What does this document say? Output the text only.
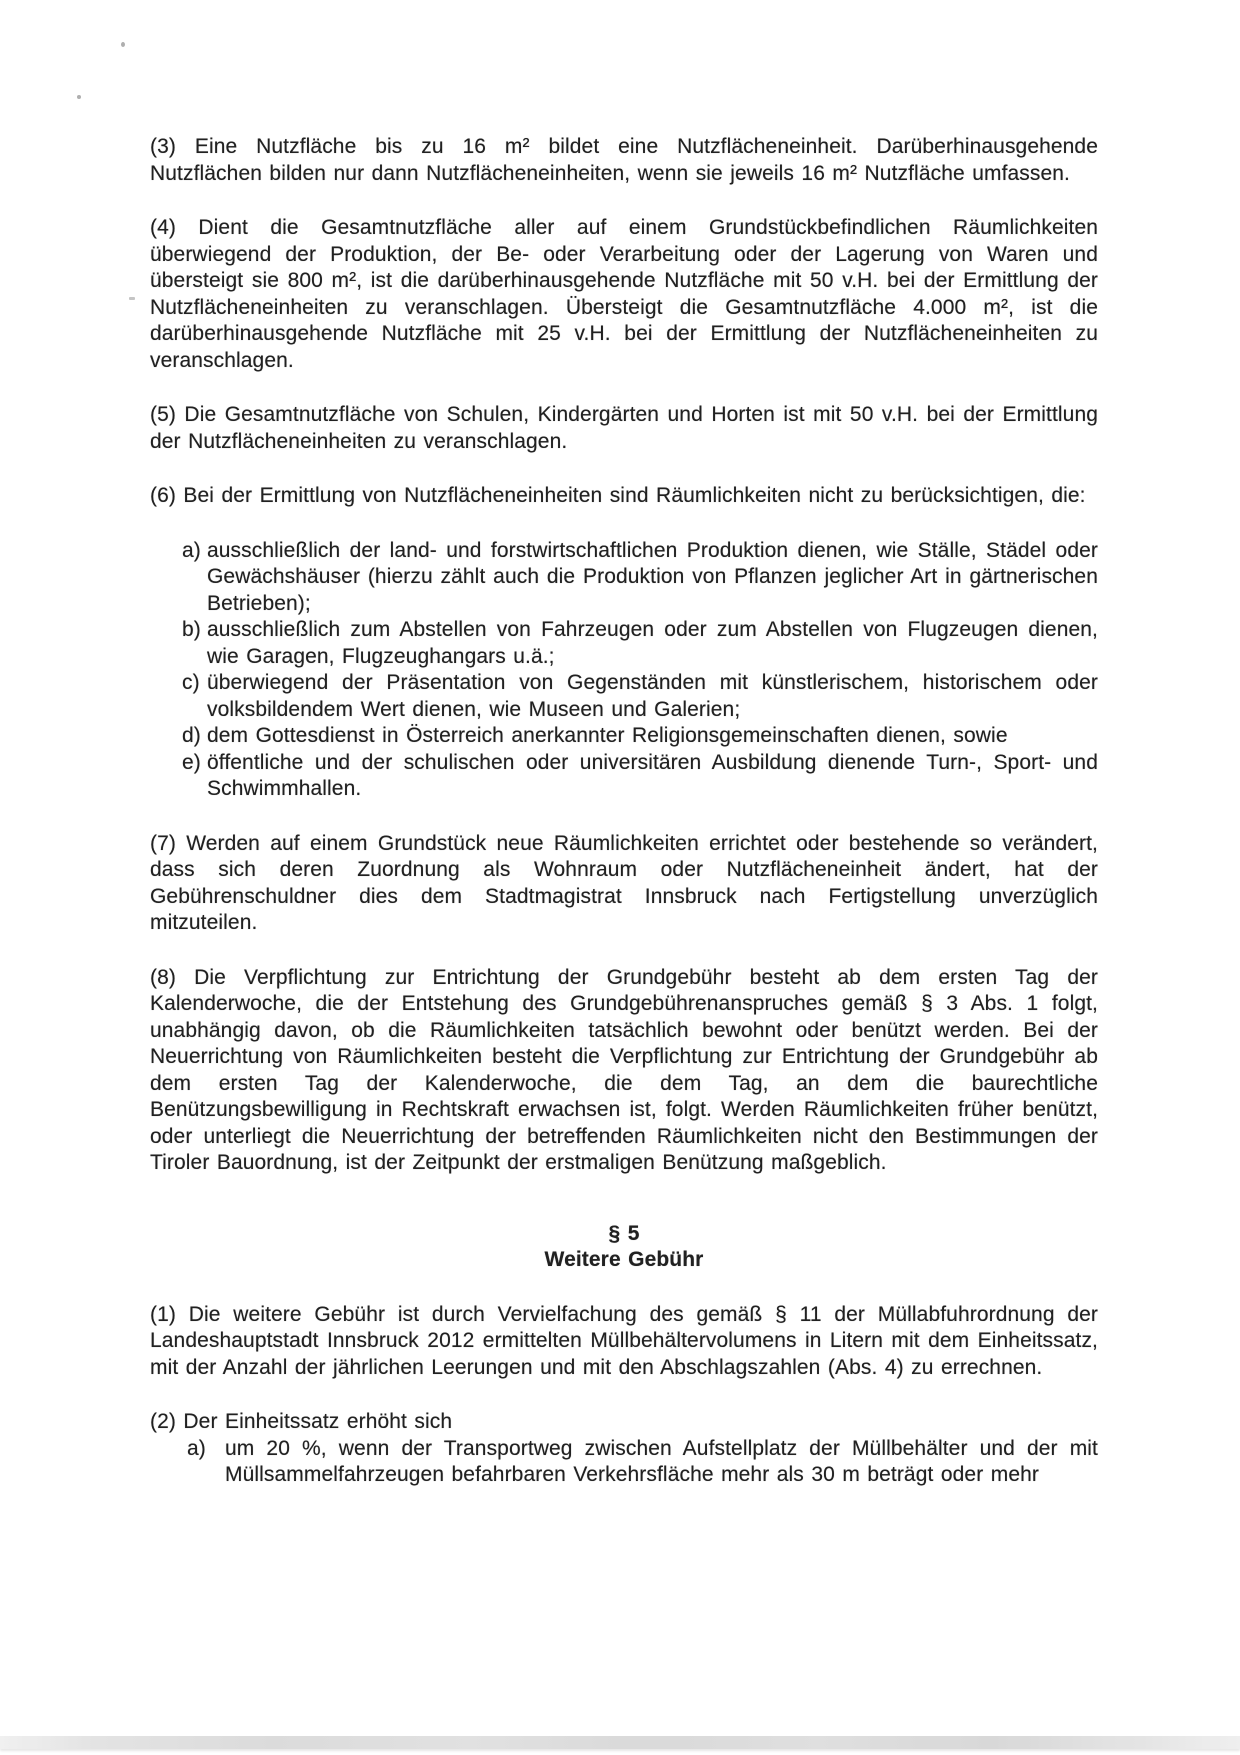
(3) Eine Nutzfläche bis zu 16 m² bildet eine Nutzflächeneinheit. Darüberhinausgehende Nutzflächen bilden nur dann Nutzflächeneinheiten, wenn sie jeweils 16 m² Nutzfläche umfassen.

(4) Dient die Gesamtnutzfläche aller auf einem Grundstückbefindlichen Räumlichkeiten überwiegend der Produktion, der Be- oder Verarbeitung oder der Lagerung von Waren und übersteigt sie 800 m², ist die darüberhinausgehende Nutzfläche mit 50 v.H. bei der Ermittlung der Nutzflächeneinheiten zu veranschlagen. Übersteigt die Gesamtnutzfläche 4.000 m², ist die darüberhinausgehende Nutzfläche mit 25 v.H. bei der Ermittlung der Nutzflächeneinheiten zu veranschlagen.

(5) Die Gesamtnutzfläche von Schulen, Kindergärten und Horten ist mit 50 v.H. bei der Ermittlung der Nutzflächeneinheiten zu veranschlagen.

(6) Bei der Ermittlung von Nutzflächeneinheiten sind Räumlichkeiten nicht zu berücksichtigen, die:

a) ausschließlich der land- und forstwirtschaftlichen Produktion dienen, wie Ställe, Städel oder Gewächshäuser (hierzu zählt auch die Produktion von Pflanzen jeglicher Art in gärtnerischen Betrieben);
b) ausschließlich zum Abstellen von Fahrzeugen oder zum Abstellen von Flugzeugen dienen, wie Garagen, Flugzeughangars u.ä.;
c) überwiegend der Präsentation von Gegenständen mit künstlerischem, historischem oder volksbildendem Wert dienen, wie Museen und Galerien;
d) dem Gottesdienst in Österreich anerkannter Religionsgemeinschaften dienen, sowie
e) öffentliche und der schulischen oder universitären Ausbildung dienende Turn-, Sport- und Schwimmhallen.

(7) Werden auf einem Grundstück neue Räumlichkeiten errichtet oder bestehende so verändert, dass sich deren Zuordnung als Wohnraum oder Nutzflächeneinheit ändert, hat der Gebührenschuldner dies dem Stadtmagistrat Innsbruck nach Fertigstellung unverzüglich mitzuteilen.

(8) Die Verpflichtung zur Entrichtung der Grundgebühr besteht ab dem ersten Tag der Kalenderwoche, die der Entstehung des Grundgebührenanspruches gemäß § 3 Abs. 1 folgt, unabhängig davon, ob die Räumlichkeiten tatsächlich bewohnt oder benützt werden. Bei der Neuerrichtung von Räumlichkeiten besteht die Verpflichtung zur Entrichtung der Grundgebühr ab dem ersten Tag der Kalenderwoche, die dem Tag, an dem die baurechtliche Benützungsbewilligung in Rechtskraft erwachsen ist, folgt. Werden Räumlichkeiten früher benützt, oder unterliegt die Neuerrichtung der betreffenden Räumlichkeiten nicht den Bestimmungen der Tiroler Bauordnung, ist der Zeitpunkt der erstmaligen Benützung maßgeblich.

§ 5
Weitere Gebühr

(1) Die weitere Gebühr ist durch Vervielfachung des gemäß § 11 der Müllabfuhrordnung der Landeshauptstadt Innsbruck 2012 ermittelten Müllbehältervolumens in Litern mit dem Einheitssatz, mit der Anzahl der jährlichen Leerungen und mit den Abschlagszahlen (Abs. 4) zu errechnen.

(2) Der Einheitssatz erhöht sich

a) um 20 %, wenn der Transportweg zwischen Aufstellplatz der Müllbehälter und der mit Müllsammelfahrzeugen befahrbaren Verkehrsfläche mehr als 30 m beträgt oder mehr
